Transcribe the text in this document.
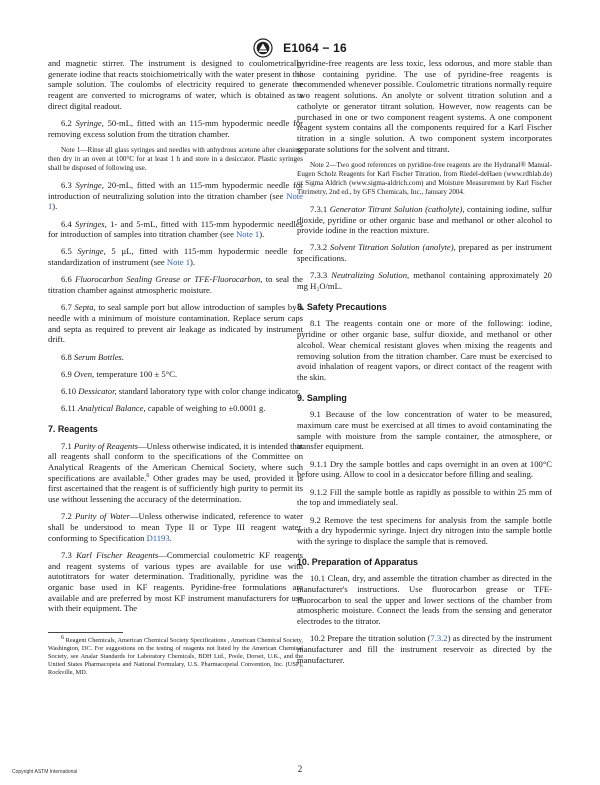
E1064 − 16

and magnetic stirrer. The instrument is designed to coulometrically generate iodine that reacts stoichiometrically with the water present in the sample solution. The coulombs of electricity required to generate the reagent are converted to micrograms of water, which is obtained as a direct digital readout.

6.2 Syringe, 50-mL, fitted with an 115-mm hypodermic needle for removing excess solution from the titration chamber.

Note 1—Rinse all glass syringes and needles with anhydrous acetone after cleaning, then dry in an oven at 100°C for at least 1 h and store in a desiccator. Plastic syringes shall be disposed of following use.

6.3 Syringe, 20-mL, fitted with an 115-mm hypodermic needle for introduction of neutralizing solution into the titration chamber (see Note 1).

6.4 Syringes, 1- and 5-mL, fitted with 115-mm hypodermic needles for introduction of samples into titration chamber (see Note 1).

6.5 Syringe, 5 µL, fitted with 115-mm hypodermic needle for standardization of instrument (see Note 1).

6.6 Fluorocarbon Sealing Grease or TFE-Fluorocarbon, to seal the titration chamber against atmospheric moisture.

6.7 Septa, to seal sample port but allow introduction of samples by a needle with a minimum of moisture contamination. Replace serum caps and septa as required to prevent air leakage as indicated by instrument drift.

6.8 Serum Bottles.

6.9 Oven, temperature 100 ± 5°C.

6.10 Dessicator, standard laboratory type with color change indicator.

6.11 Analytical Balance, capable of weighing to ±0.0001 g.

7. Reagents

7.1 Purity of Reagents—Unless otherwise indicated, it is intended that all reagents shall conform to the specifications of the Committee on Analytical Reagents of the American Chemical Society, where such specifications are available.$^6$ Other grades may be used, provided it is first ascertained that the reagent is of sufficiently high purity to permit its use without lessening the accuracy of the determination.

7.2 Purity of Water—Unless otherwise indicated, reference to water shall be understood to mean Type II or Type III reagent water, conforming to Specification D1193.

7.3 Karl Fischer Reagents—Commercial coulometric KF reagents and reagent systems of various types are available for use with autotitrators for water determination. Traditionally, pyridine was the organic base used in KF reagents. Pyridine-free formulations are available and are preferred by most KF instrument manufacturers for use with their equipment. The

$^6$ Reagent Chemicals, American Chemical Society Specifications , American Chemical Society, Washington, DC. For suggestions on the testing of reagents not listed by the American Chemical Society, see Analar Standards for Laboratory Chemicals, BDH Ltd., Poole, Dorset, U.K., and the United States Pharmacopeia and National Formulary, U.S. Pharmacopeial Convention, Inc. (USP), Rockville, MD.

pyridine-free reagents are less toxic, less odorous, and more stable than those containing pyridine. The use of pyridine-free reagents is recommended whenever possible. Coulometric titrations normally require two reagent solutions. An anolyte or solvent titration solution and a catholyte or generator titrant solution. However, now reagents can be purchased in one or two component reagent systems. A one component reagent system contains all the components required for a Karl Fischer titration in a single solution. A two component system incorporates separate solutions for the solvent and titrant.

Note 2—Two good references on pyridine-free reagents are the Hydranal® Manual-Eugen Scholz Reagents for Karl Fischer Titration, from Riedel-deHaen (www.rdhlab.de) or Sigma Aldrich (www.sigma-aldrich.com) and Moisture Measurement by Karl Fischer Titrimetry, 2nd ed., by GFS Chemicals, Inc., January 2004.

7.3.1 Generator Titrant Solution (catholyte), containing iodine, sulfur dioxide, pyridine or other organic base and methanol or other alcohol to provide iodine in the reaction mixture.

7.3.2 Solvent Titration Solution (anolyte), prepared as per instrument specifications.

7.3.3 Neutralizing Solution, methanol containing approximately 20 mg H₂O/mL.

8. Safety Precautions

8.1 The reagents contain one or more of the following: iodine, pyridine or other organic base, sulfur dioxide, and methanol or other alcohol. Wear chemical resistant gloves when mixing the reagents and removing solution from the titration chamber. Care must be exercised to avoid inhalation of reagent vapors, or direct contact of the reagent with the skin.

9. Sampling

9.1 Because of the low concentration of water to be measured, maximum care must be exercised at all times to avoid contaminating the sample with moisture from the sample container, the atmosphere, or transfer equipment.

9.1.1 Dry the sample bottles and caps overnight in an oven at 100°C before using. Allow to cool in a desiccator before filling and sealing.

9.1.2 Fill the sample bottle as rapidly as possible to within 25 mm of the top and immediately seal.

9.2 Remove the test specimens for analysis from the sample bottle with a dry hypodermic syringe. Inject dry nitrogen into the sample bottle with the syringe to displace the sample that is removed.

10. Preparation of Apparatus

10.1 Clean, dry, and assemble the titration chamber as directed in the manufacturer's instructions. Use fluorocarbon grease or TFE-fluorocarbon to seal the upper and lower sections of the chamber from atmospheric moisture. Connect the leads from the sensing and generator electrodes to the titrator.

10.2 Prepare the titration solution (7.3.2) as directed by the instrument manufacturer and fill the instrument reservoir as directed by the manufacturer.

Copyright ASTM International	2
